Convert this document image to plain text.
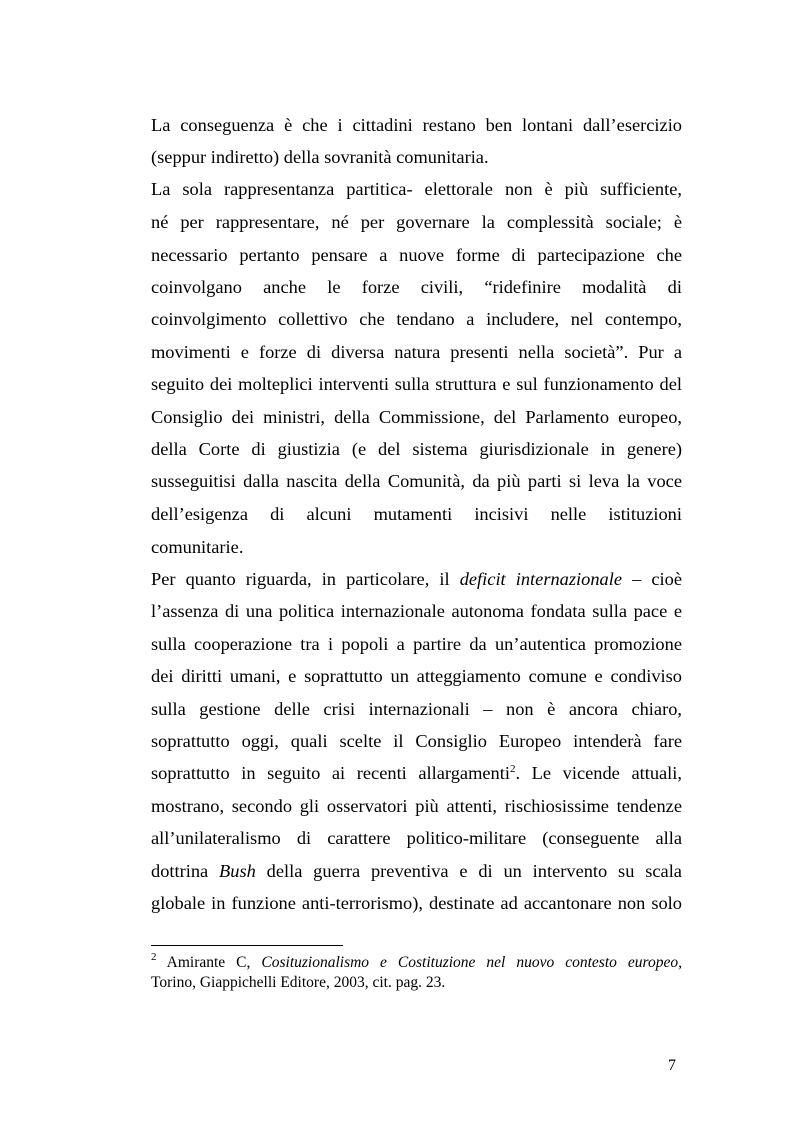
La conseguenza è che i cittadini restano ben lontani dall’esercizio
(seppur indiretto) della sovranità comunitaria.
La sola rappresentanza partitica- elettorale non è più sufficiente,
né per rappresentare, né per governare la complessità sociale; è
necessario pertanto pensare a nuove forme di partecipazione che
coinvolgano anche le forze civili, “ridefinire modalità di
coinvolgimento collettivo che tendano a includere, nel contempo,
movimenti e forze di diversa natura presenti nella società”. Pur a
seguito dei molteplici interventi sulla struttura e sul funzionamento del
Consiglio dei ministri, della Commissione, del Parlamento europeo,
della Corte di giustizia (e del sistema giurisdizionale in genere)
susseguitisi dalla nascita della Comunità, da più parti si leva la voce
dell’esigenza di alcuni mutamenti incisivi nelle istituzioni
comunitarie.
Per quanto riguarda, in particolare, il deficit internazionale – cioè
l’assenza di una politica internazionale autonoma fondata sulla pace e
sulla cooperazione tra i popoli a partire da un’autentica promozione
dei diritti umani, e soprattutto un atteggiamento comune e condiviso
sulla gestione delle crisi internazionali – non è ancora chiaro,
soprattutto oggi, quali scelte il Consiglio Europeo intenderà fare
soprattutto in seguito ai recenti allargamenti$^2$. Le vicende attuali,
mostrano, secondo gli osservatori più attenti, rischiosissime tendenze
all’unilateralismo di carattere politico-militare (conseguente alla
dottrina Bush della guerra preventiva e di un intervento su scala
globale in funzione anti-terrorismo), destinate ad accantonare non solo
$^2$ Amirante C, Cosituzionalismo e Costituzione nel nuovo contesto europeo,
Torino, Giappichelli Editore, 2003, cit. pag. 23.
7
